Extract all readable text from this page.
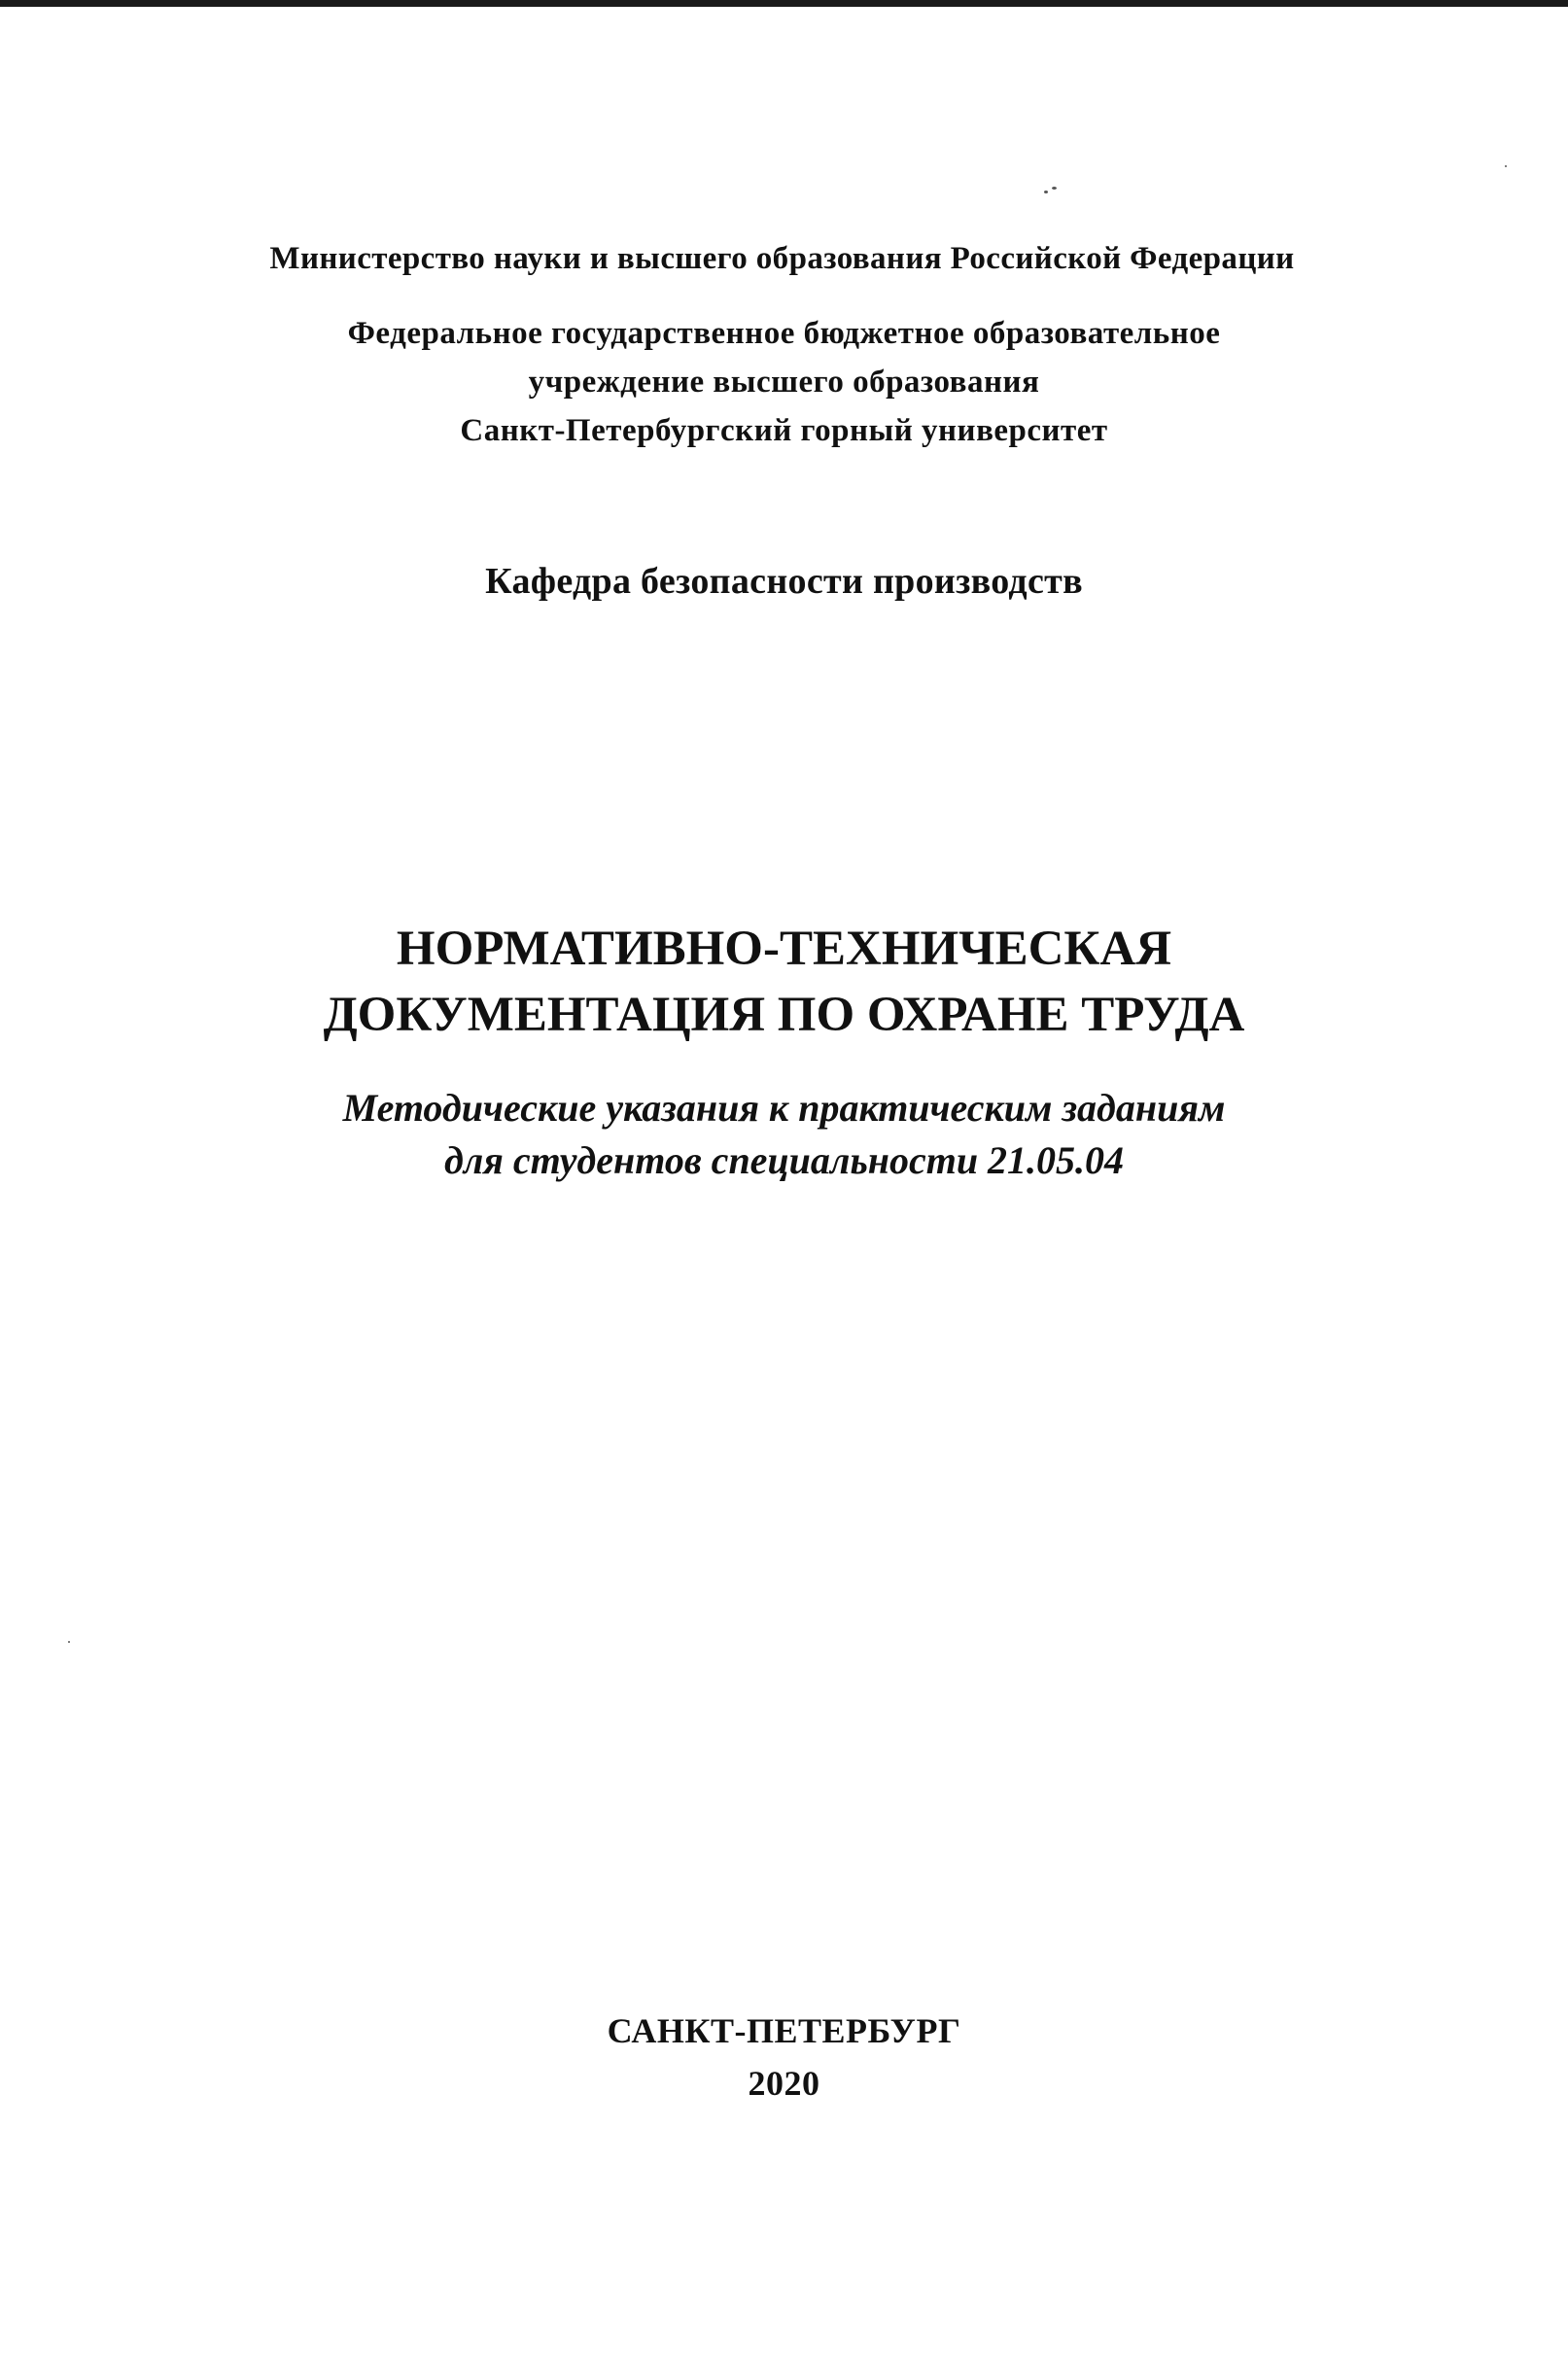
Министерство науки и высшего образования Российской Федерации
Федеральное государственное бюджетное образовательное
учреждение высшего образования
Санкт-Петербургский горный университет
Кафедра безопасности производств
НОРМАТИВНО-ТЕХНИЧЕСКАЯ
ДОКУМЕНТАЦИЯ ПО ОХРАНЕ ТРУДА
Методические указания к практическим заданиям
для студентов специальности 21.05.04
САНКТ-ПЕТЕРБУРГ
2020
